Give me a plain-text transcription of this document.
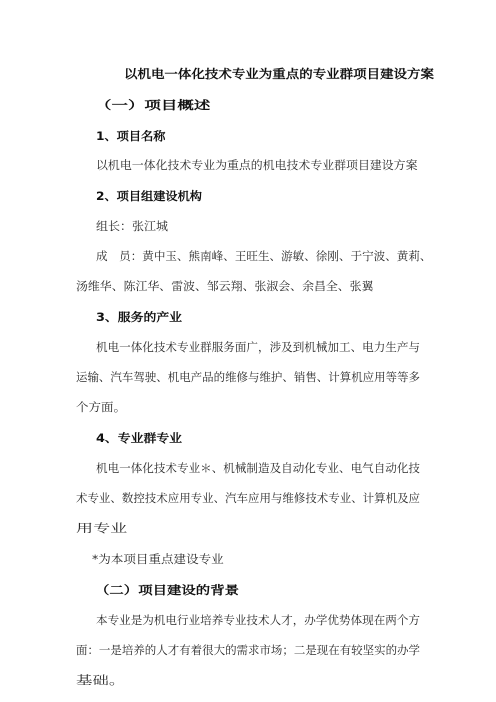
以机电一体化技术专业为重点的专业群项目建设方案
（一）项目概述
1、项目名称
以机电一体化技术专业为重点的机电技术专业群项目建设方案
2、项目组建设机构
组长：张江城
成　员：黄中玉、熊南峰、王旺生、游敏、徐刚、于宁波、黄莉、
汤维华、陈江华、雷波、邹云翔、张淑会、余昌全、张翼
3、服务的产业
机电一体化技术专业群服务面广，涉及到机械加工、电力生产与
运输、汽车驾驶、机电产品的维修与维护、销售、计算机应用等等多
个方面。
4、专业群专业
机电一体化技术专业＊、机械制造及自动化专业、电气自动化技
术专业、数控技术应用专业、汽车应用与维修技术专业、计算机及应
用专业
*为本项目重点建设专业
（二）项目建设的背景
本专业是为机电行业培养专业技术人才，办学优势体现在两个方
面：一是培养的人才有着很大的需求市场；二是现在有较坚实的办学
基础。
